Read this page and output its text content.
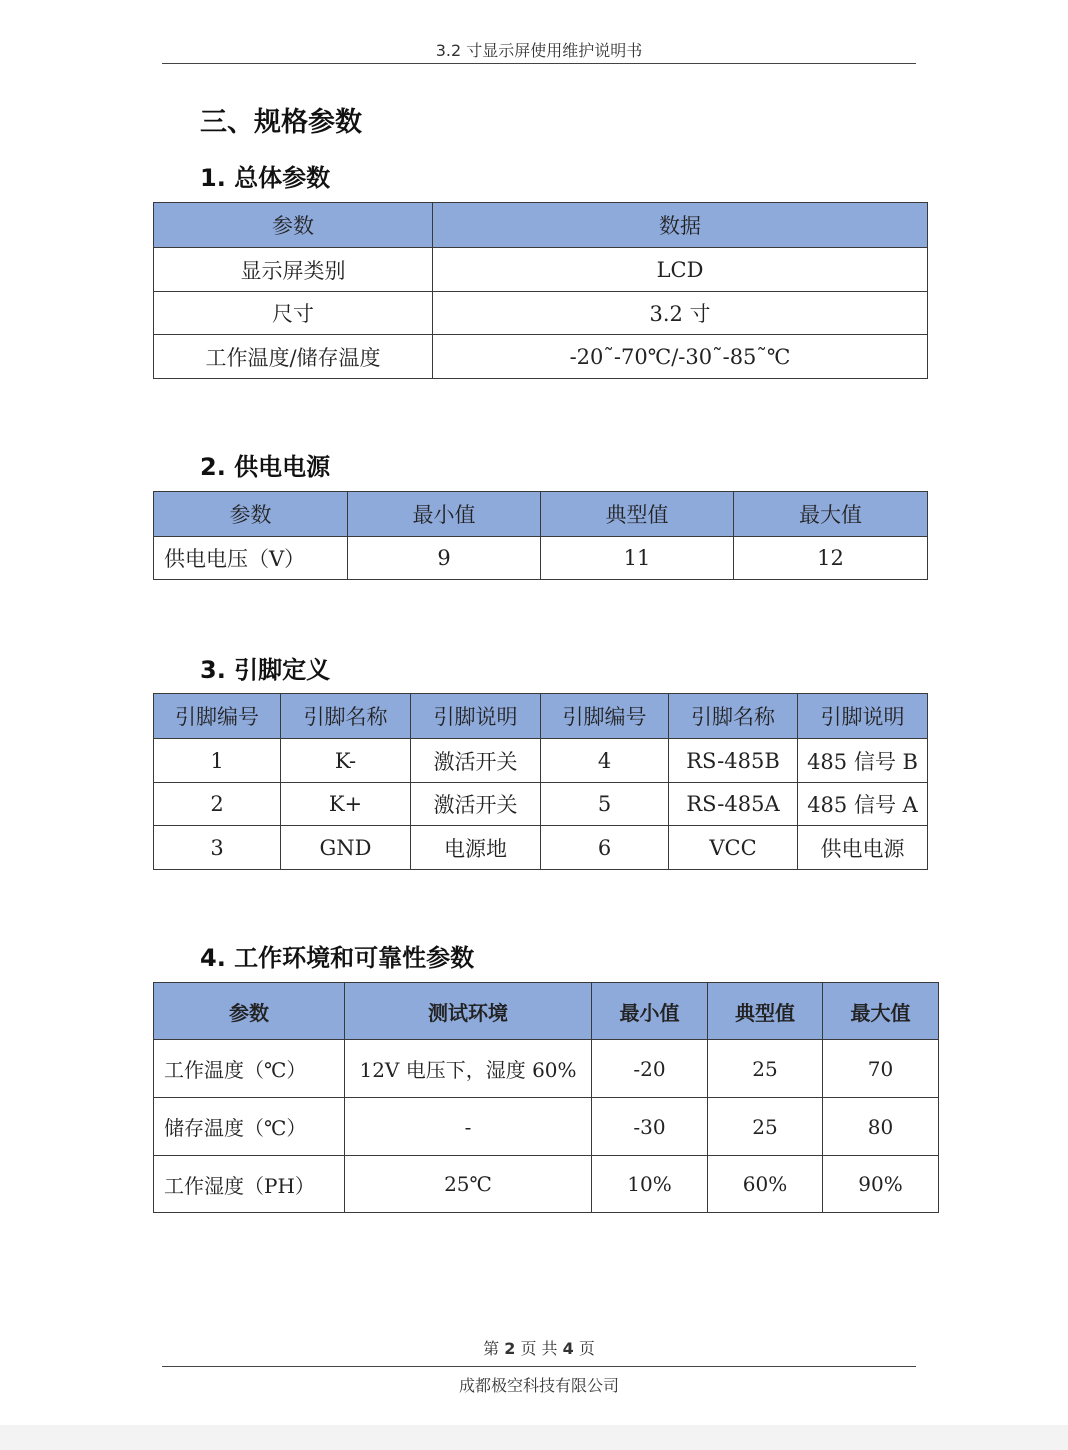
3.2 寸显示屏使用维护说明书
三、规格参数
1. 总体参数
参数	数据
显示屏类别	LCD
尺寸	3.2 寸
工作温度/储存温度	-20˜-70℃/-30˜-85˜℃
2. 供电电源
参数	最小值	典型值	最大值
供电电压（V）	9	11	12
3. 引脚定义
引脚编号	引脚名称	引脚说明	引脚编号	引脚名称	引脚说明
1	K-	激活开关	4	RS-485B	485 信号 B
2	K+	激活开关	5	RS-485A	485 信号 A
3	GND	电源地	6	VCC	供电电源
4. 工作环境和可靠性参数
参数	测试环境	最小值	典型值	最大值
工作温度（℃）	12V 电压下，湿度 60%	-20	25	70
储存温度（℃）	-	-30	25	80
工作湿度（PH）	25℃	10%	60%	90%
第 2 页 共 4 页
成都极空科技有限公司
